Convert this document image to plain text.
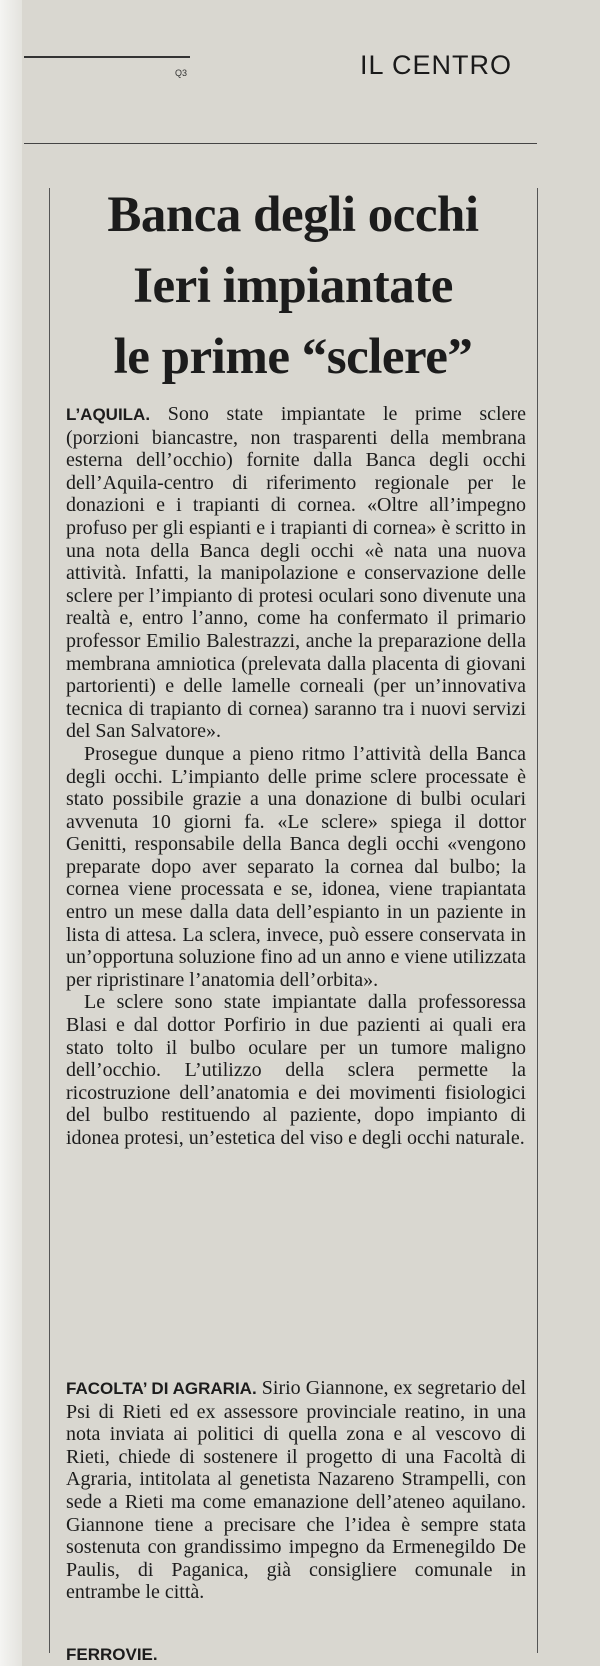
Q3	IL CENTRO
Banca degli occhi
Ieri impiantate
le prime “sclere”

L’AQUILA. Sono state impiantate le prime sclere (porzioni biancastre, non trasparenti della membrana esterna dell’occhio) fornite dalla Banca degli occhi dell’Aquila-centro di riferimento regionale per le donazioni e i trapianti di cornea. «Oltre all’impegno profuso per gli espianti e i trapianti di cornea» è scritto in una nota della Banca degli occhi «è nata una nuova attività. Infatti, la manipolazione e conservazione delle sclere per l’impianto di protesi oculari sono divenute una realtà e, entro l’anno, come ha confermato il primario professor Emilio Balestrazzi, anche la preparazione della membrana amniotica (prelevata dalla placenta di giovani partorienti) e delle lamelle corneali (per un’innovativa tecnica di trapianto di cornea) saranno tra i nuovi servizi del San Salvatore».

Prosegue dunque a pieno ritmo l’attività della Banca degli occhi. L’impianto delle prime sclere processate è stato possibile grazie a una donazione di bulbi oculari avvenuta 10 giorni fa. «Le sclere» spiega il dottor Genitti, responsabile della Banca degli occhi «vengono preparate dopo aver separato la cornea dal bulbo; la cornea viene processata e se, idonea, viene trapiantata entro un mese dalla data dell’espianto in un paziente in lista di attesa. La sclera, invece, può essere conservata in un’opportuna soluzione fino ad un anno e viene utilizzata per ripristinare l’anatomia dell’orbita».

Le sclere sono state impiantate dalla professoressa Blasi e dal dottor Porfirio in due pazienti ai quali era stato tolto il bulbo oculare per un tumore maligno dell’occhio. L’utilizzo della sclera permette la ricostruzione dell’anatomia e dei movimenti fisiologici del bulbo restituendo al paziente, dopo impianto di idonea protesi, un’estetica del viso e degli occhi naturale.

FACOLTA’ DI AGRARIA. Sirio Giannone, ex segretario del Psi di Rieti ed ex assessore provinciale reatino, in una nota inviata ai politici di quella zona e al vescovo di Rieti, chiede di sostenere il progetto di una Facoltà di Agraria, intitolata al genetista Nazareno Strampelli, con sede a Rieti ma come emanazione dell’ateneo aquilano. Giannone tiene a precisare che l’idea è sempre stata sostenuta con grandissimo impegno da Ermenegildo De Paulis, di Paganica, già consigliere comunale in entrambe le città.

FERROVIE.
